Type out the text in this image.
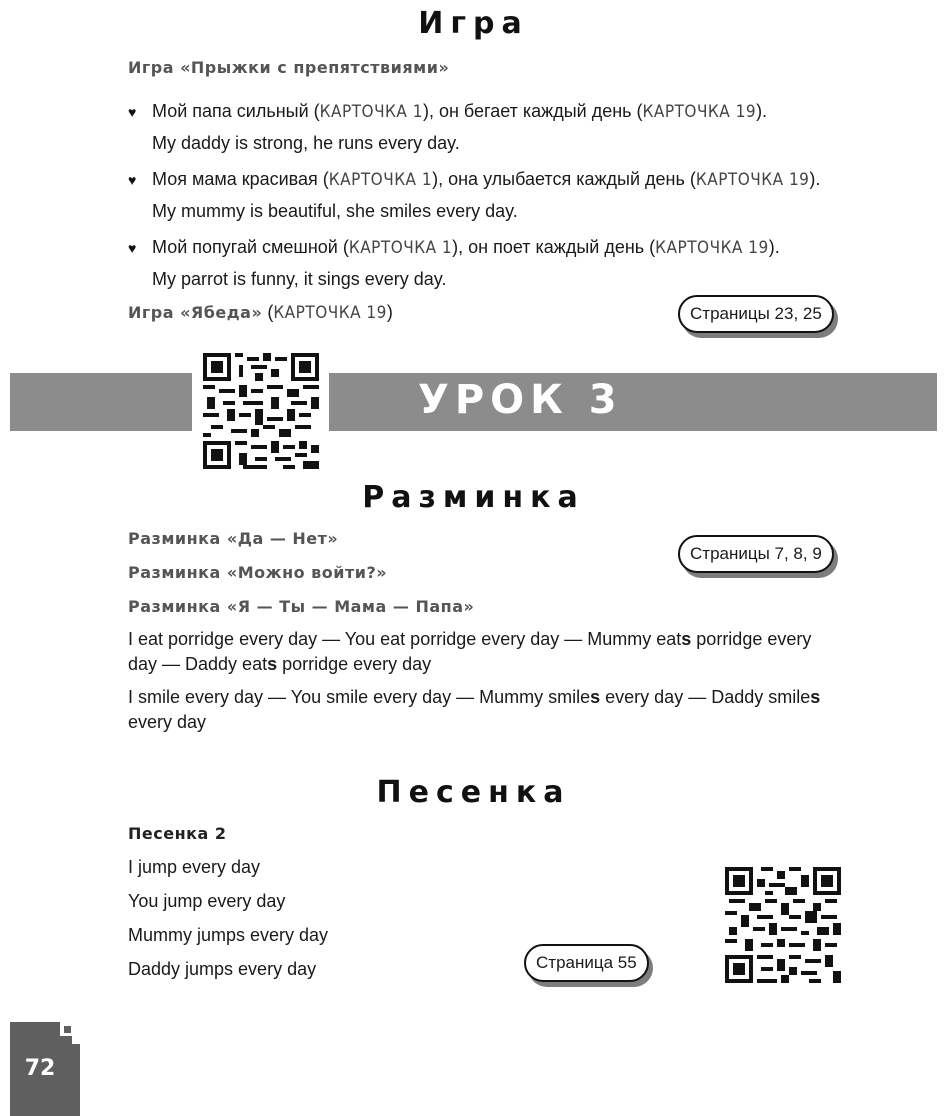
Игра
Игра «Прыжки с препятствиями»
♥ Мой папа сильный (КАРТОЧКА 1), он бегает каждый день (КАРТОЧКА 19).
My daddy is strong, he runs every day.
♥ Моя мама красивая (КАРТОЧКА 1), она улыбается каждый день (КАРТОЧКА 19).
My mummy is beautiful, she smiles every day.
♥ Мой попугай смешной (КАРТОЧКА 1), он поет каждый день (КАРТОЧКА 19).
My parrot is funny, it sings every day.
Игра «Ябеда» (КАРТОЧКА 19)	Страницы 23, 25
УРОК 3
Разминка
Разминка «Да — Нет»
Разминка «Можно войти?»
Разминка «Я — Ты — Мама — Папа»
Страницы 7, 8, 9
I eat porridge every day — You eat porridge every day — Mummy eats porridge every
day — Daddy eats porridge every day
I smile every day — You smile every day — Mummy smiles every day — Daddy smiles
every day
Песенка
Песенка 2
I jump every day
You jump every day
Mummy jumps every day
Daddy jumps every day	Страница 55
72
